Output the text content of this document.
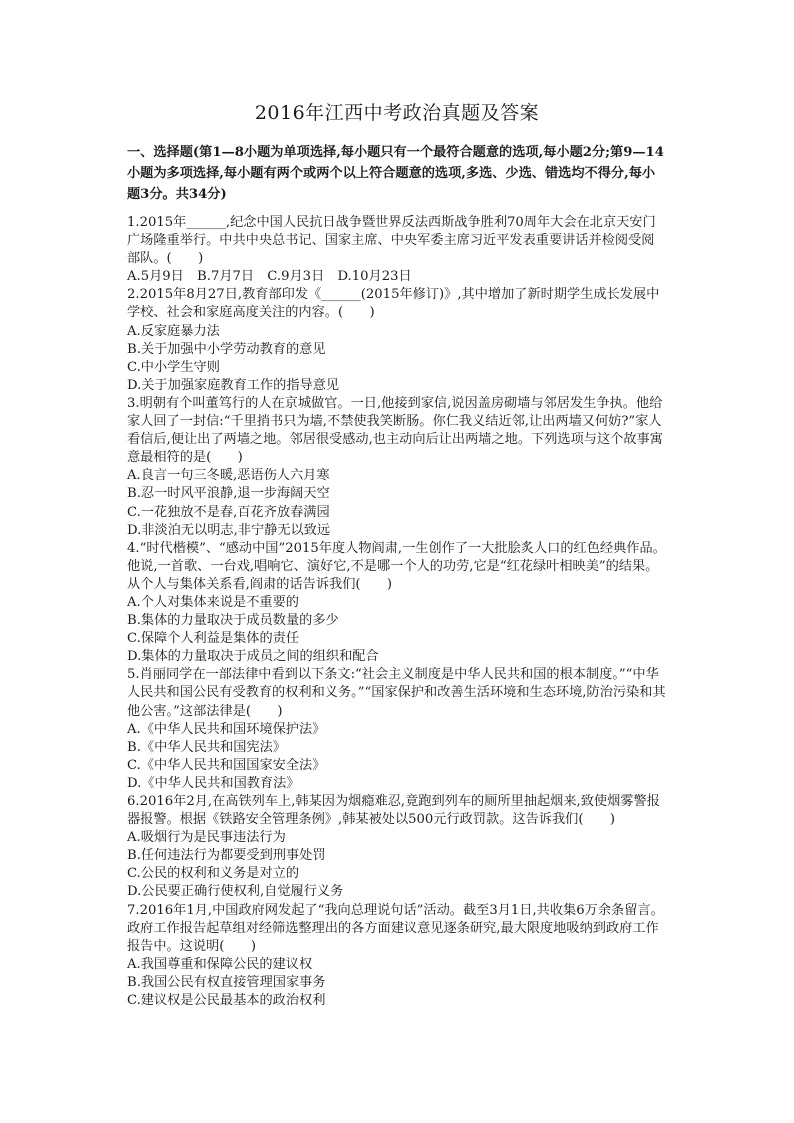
2016年江西中考政治真题及答案
一、选择题(第1—8小题为单项选择,每小题只有一个最符合题意的选项,每小题2分;第9—14小题为多项选择,每小题有两个或两个以上符合题意的选项,多选、少选、错选均不得分,每小题3分。共34分)

1.2015年______,纪念中国人民抗日战争暨世界反法西斯战争胜利70周年大会在北京天安门广场隆重举行。中共中央总书记、国家主席、中央军委主席习近平发表重要讲话并检阅受阅部队。(　　)

A.5月9日　B.7月7日　C.9月3日　D.10月23日

2.2015年8月27日,教育部印发《______(2015年修订)》,其中增加了新时期学生成长发展中学校、社会和家庭高度关注的内容。(　　)

A.反家庭暴力法

B.关于加强中小学劳动教育的意见

C.中小学生守则

D.关于加强家庭教育工作的指导意见

3.明朝有个叫董笃行的人在京城做官。一日,他接到家信,说因盖房砌墙与邻居发生争执。他给家人回了一封信:“千里捎书只为墙,不禁使我笑断肠。你仁我义结近邻,让出两墙又何妨?”家人看信后,便让出了两墙之地。邻居很受感动,也主动向后让出两墙之地。下列选项与这个故事寓意最相符的是(　　)

A.良言一句三冬暖,恶语伤人六月寒

B.忍一时风平浪静,退一步海阔天空

C.一花独放不是春,百花齐放春满园

D.非淡泊无以明志,非宁静无以致远

4.“时代楷模”、“感动中国”2015年度人物阎肃,一生创作了一大批脍炙人口的红色经典作品。他说,一首歌、一台戏,唱响它、演好它,不是哪一个人的功劳,它是“红花绿叶相映美”的结果。从个人与集体关系看,阎肃的话告诉我们(　　)

A.个人对集体来说是不重要的

B.集体的力量取决于成员数量的多少

C.保障个人利益是集体的责任

D.集体的力量取决于成员之间的组织和配合

5.肖丽同学在一部法律中看到以下条文:“社会主义制度是中华人民共和国的根本制度。”“中华人民共和国公民有受教育的权利和义务。”“国家保护和改善生活环境和生态环境,防治污染和其他公害。”这部法律是(　　)

A.《中华人民共和国环境保护法》

B.《中华人民共和国宪法》

C.《中华人民共和国国家安全法》

D.《中华人民共和国教育法》

6.2016年2月,在高铁列车上,韩某因为烟瘾难忍,竟跑到列车的厕所里抽起烟来,致使烟雾警报器报警。根据《铁路安全管理条例》,韩某被处以500元行政罚款。这告诉我们(　　)

A.吸烟行为是民事违法行为

B.任何违法行为都要受到刑事处罚

C.公民的权利和义务是对立的

D.公民要正确行使权利,自觉履行义务

7.2016年1月,中国政府网发起了“我向总理说句话”活动。截至3月1日,共收集6万余条留言。政府工作报告起草组对经筛选整理出的各方面建议意见逐条研究,最大限度地吸纳到政府工作报告中。这说明(　　)

A.我国尊重和保障公民的建议权

B.我国公民有权直接管理国家事务

C.建议权是公民最基本的政治权利
